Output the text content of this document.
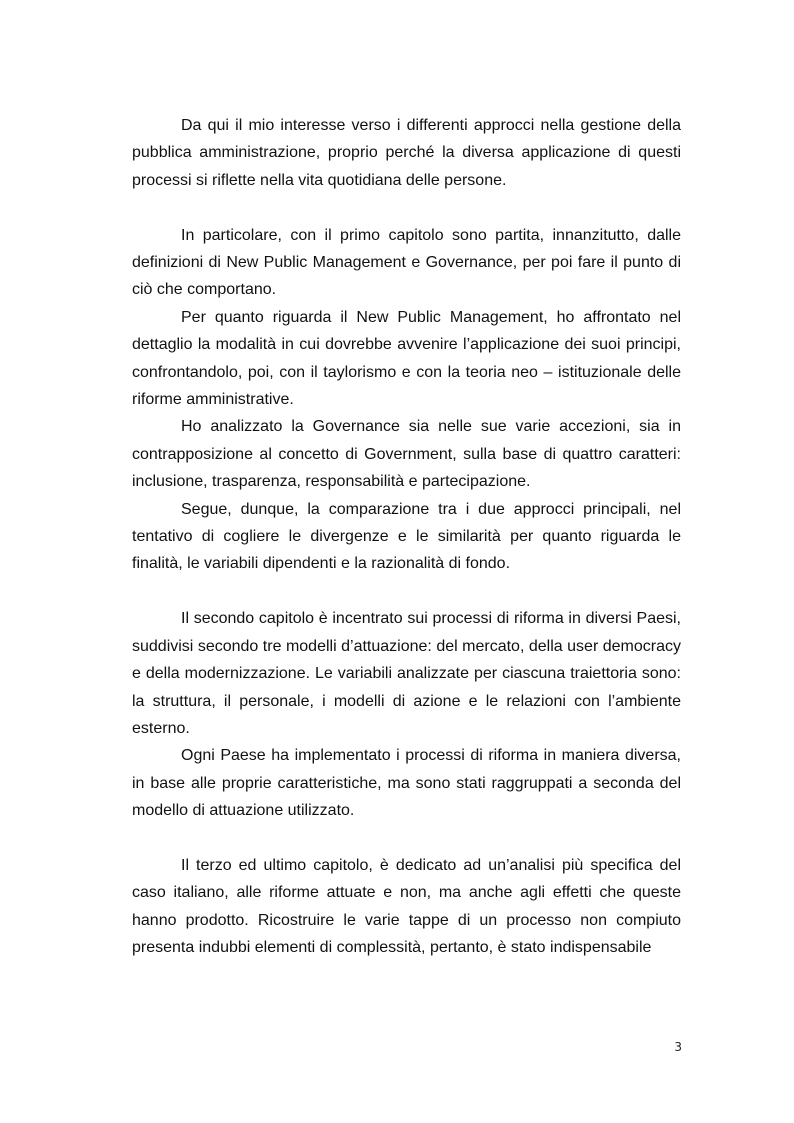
Da qui il mio interesse verso i differenti approcci nella gestione della pubblica amministrazione, proprio perché la diversa applicazione di questi processi si riflette nella vita quotidiana delle persone.

In particolare, con il primo capitolo sono partita, innanzitutto, dalle definizioni di New Public Management e Governance, per poi fare il punto di ciò che comportano.

Per quanto riguarda il New Public Management, ho affrontato nel dettaglio la modalità in cui dovrebbe avvenire l’applicazione dei suoi principi, confrontandolo, poi, con il taylorismo e con la teoria neo – istituzionale delle riforme amministrative.

Ho analizzato la Governance sia nelle sue varie accezioni, sia in contrapposizione al concetto di Government, sulla base di quattro caratteri: inclusione, trasparenza, responsabilità e partecipazione.

Segue, dunque, la comparazione tra i due approcci principali, nel tentativo di cogliere le divergenze e le similarità per quanto riguarda le finalità, le variabili dipendenti e la razionalità di fondo.

Il secondo capitolo è incentrato sui processi di riforma in diversi Paesi, suddivisi secondo tre modelli d’attuazione: del mercato, della user democracy e della modernizzazione. Le variabili analizzate per ciascuna traiettoria sono: la struttura, il personale, i modelli di azione e le relazioni con l’ambiente esterno.

Ogni Paese ha implementato i processi di riforma in maniera diversa, in base alle proprie caratteristiche, ma sono stati raggruppati a seconda del modello di attuazione utilizzato.

Il terzo ed ultimo capitolo, è dedicato ad un’analisi più specifica del caso italiano, alle riforme attuate e non, ma anche agli effetti che queste hanno prodotto. Ricostruire le varie tappe di un processo non compiuto presenta indubbi elementi di complessità, pertanto, è stato indispensabile

3
